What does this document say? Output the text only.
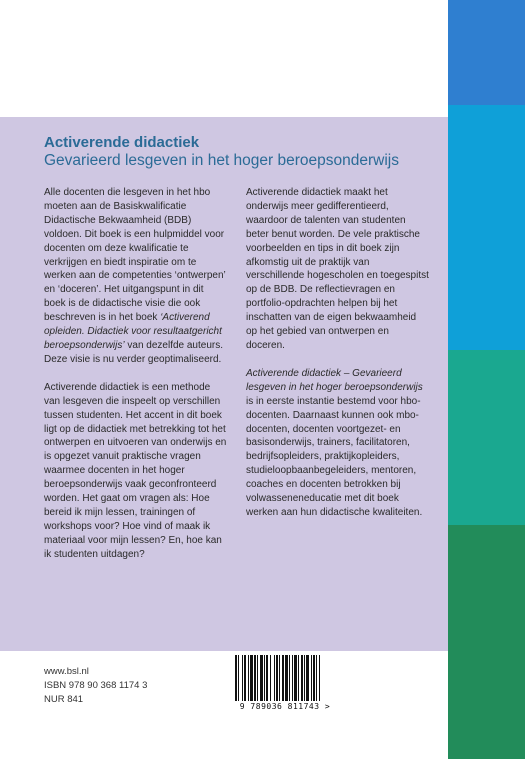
Activerende didactiek
Gevarieerd lesgeven in het hoger beroepsonderwijs

Alle docenten die lesgeven in het hbo moeten aan de Basiskwalificatie Didactische Bekwaamheid (BDB) voldoen. Dit boek is een hulpmiddel voor docenten om deze kwalificatie te verkrijgen en biedt inspiratie om te werken aan de competenties ‘ontwerpen’ en ‘doceren’. Het uitgangspunt in dit boek is de didactische visie die ook beschreven is in het boek ‘Activerend opleiden. Didactiek voor resultaatgericht beroepsonderwijs’ van dezelfde auteurs. Deze visie is nu verder geoptimaliseerd.

Activerende didactiek is een methode van lesgeven die inspeelt op verschillen tussen studenten. Het accent in dit boek ligt op de didactiek met betrekking tot het ontwerpen en uitvoeren van onderwijs en is opgezet vanuit praktische vragen waarmee docenten in het hoger beroepsonderwijs vaak geconfronteerd worden. Het gaat om vragen als: Hoe bereid ik mijn lessen, trainingen of workshops voor? Hoe vind of maak ik materiaal voor mijn lessen? En, hoe kan ik studenten uitdagen?

Activerende didactiek maakt het onderwijs meer gedifferentieerd, waardoor de talenten van studenten beter benut worden. De vele praktische voorbeelden en tips in dit boek zijn afkomstig uit de praktijk van verschillende hogescholen en toegespitst op de BDB. De reflectievragen en portfolio-opdrachten helpen bij het inschatten van de eigen bekwaamheid op het gebied van ontwerpen en doceren.

Activerende didactiek – Gevarieerd lesgeven in het hoger beroepsonderwijs is in eerste instantie bestemd voor hbo-docenten. Daarnaast kunnen ook mbo-docenten, docenten voortgezet- en basisonderwijs, trainers, facilitatoren, bedrijfsopleiders, praktijkopleiders, studieloopbaanbegeleiders, mentoren, coaches en docenten betrokken bij volwasseneneducatie met dit boek werken aan hun didactische kwaliteiten.

www.bsl.nl
ISBN 978 90 368 1174 3
NUR 841
9 789036 811743 >
